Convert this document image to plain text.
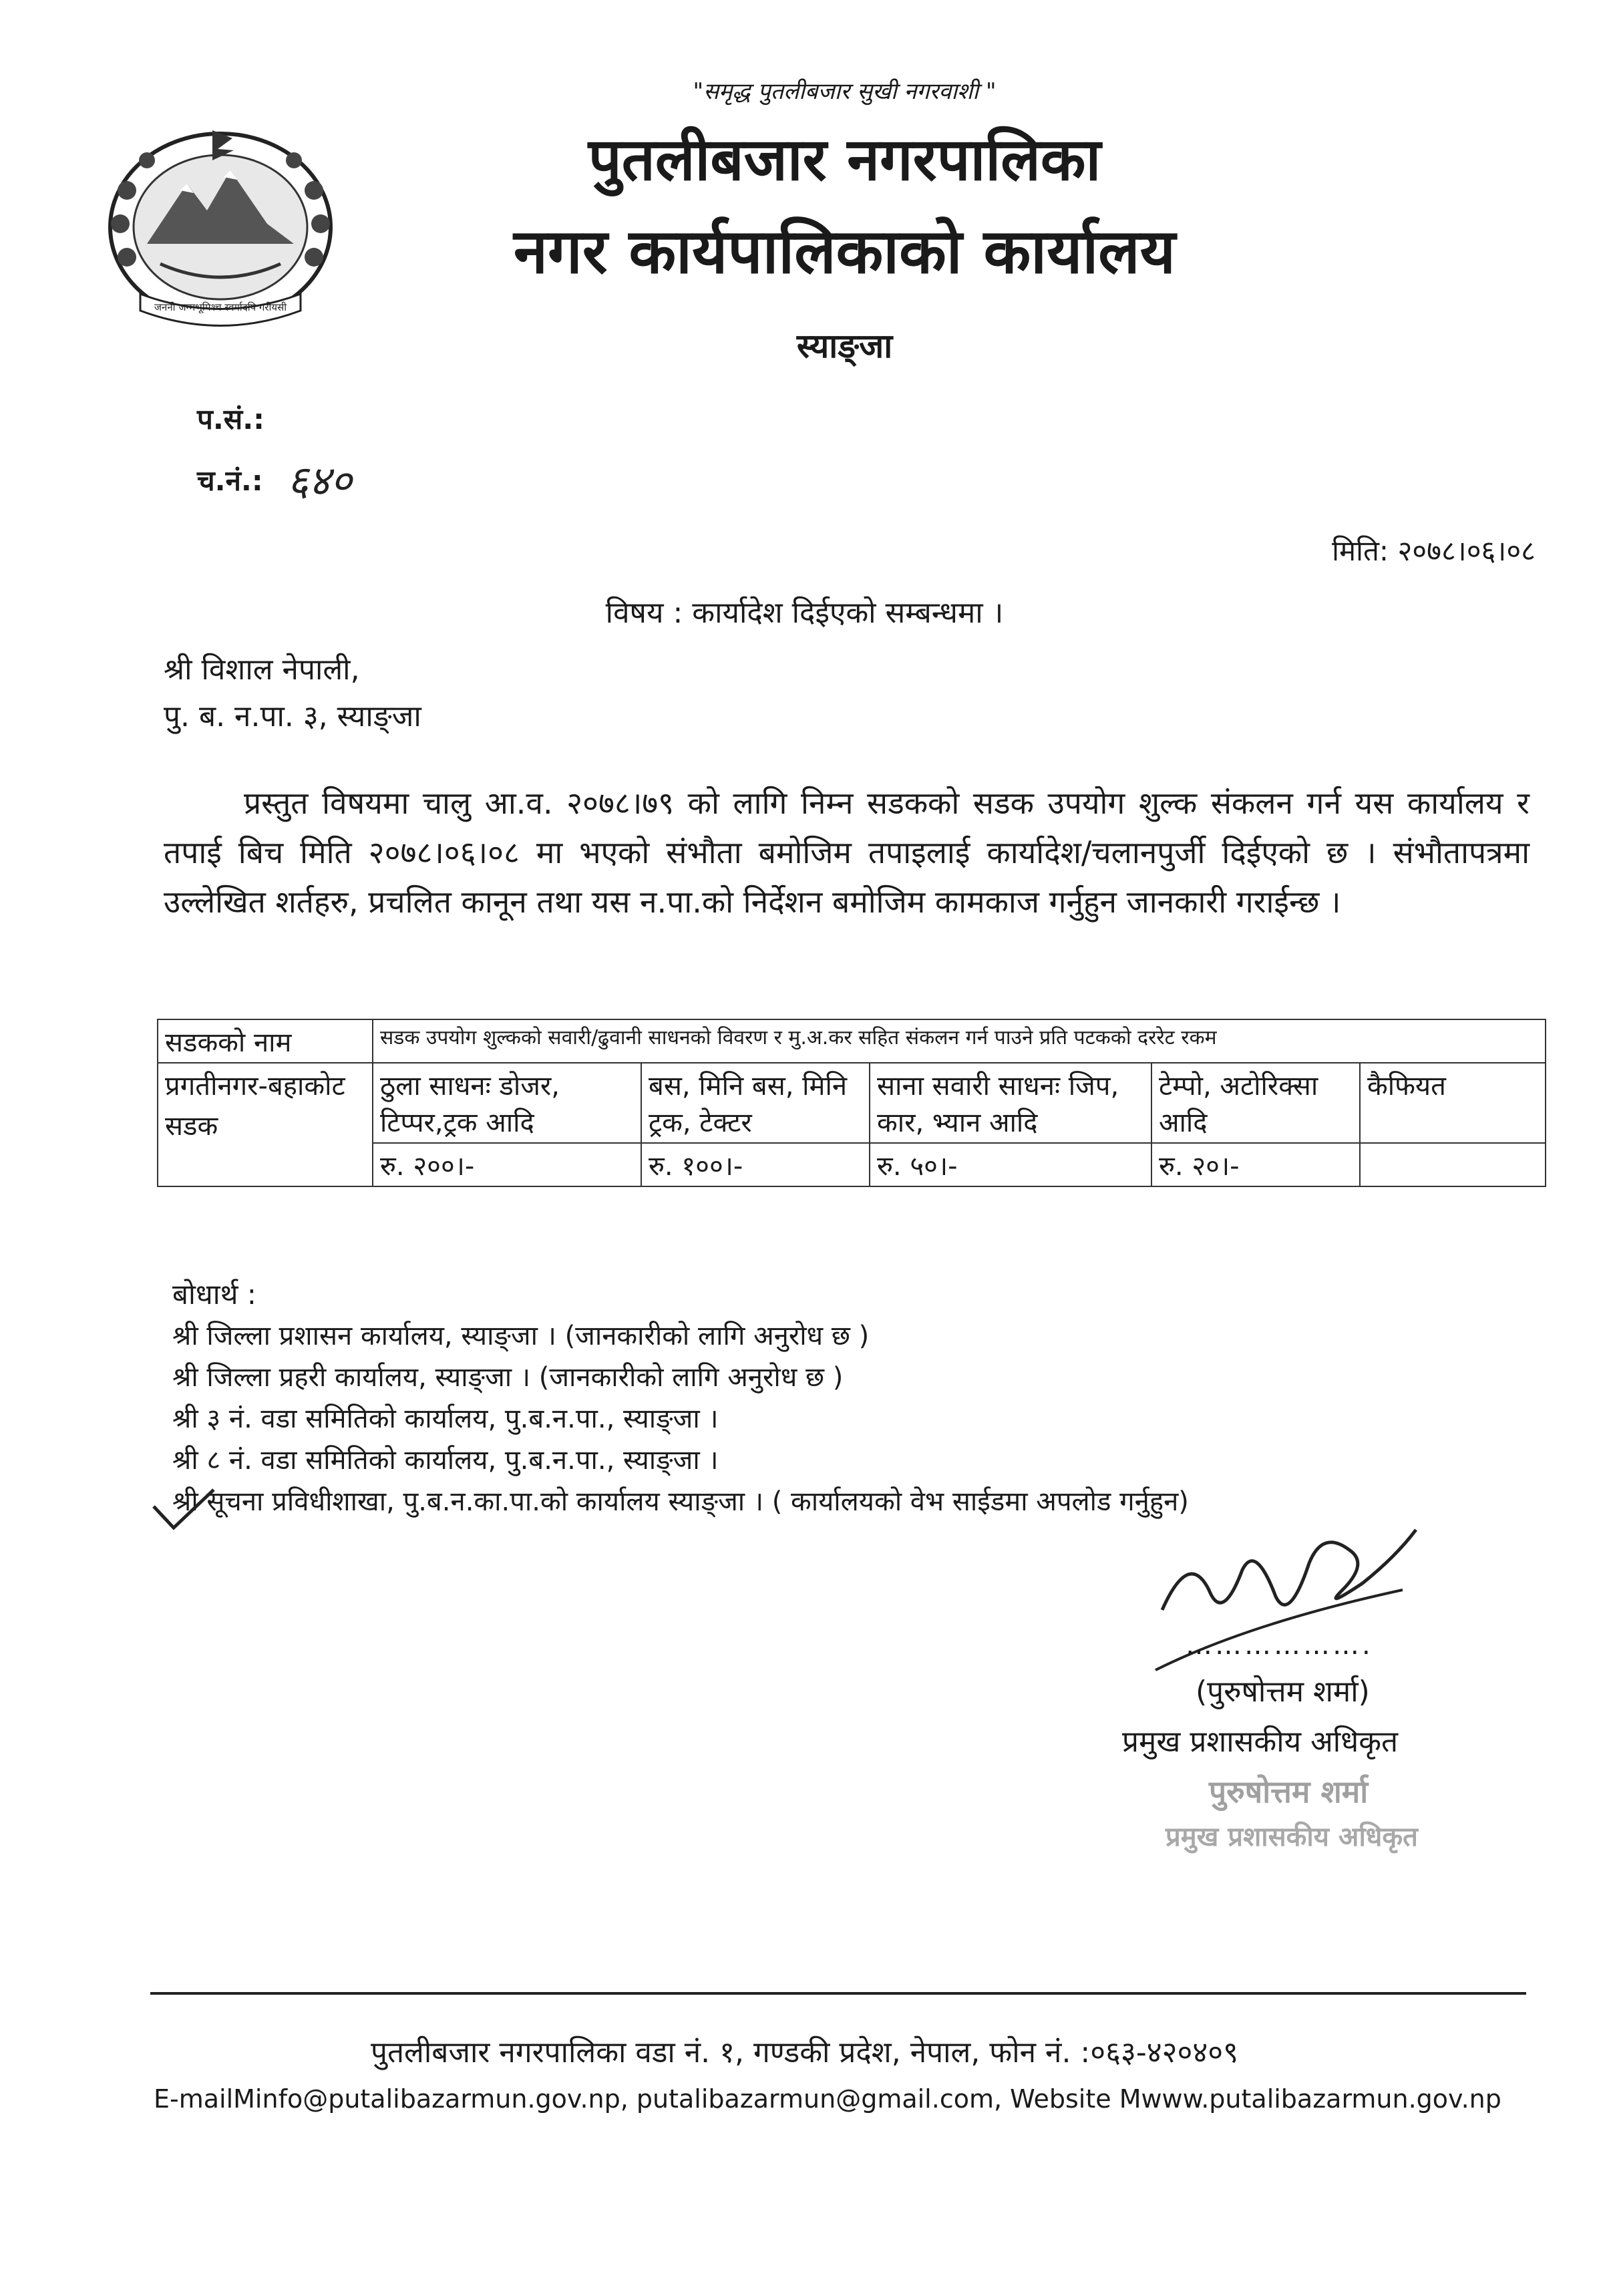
जननी जन्मभूमिश्च स्वर्गादपि गरीयसी
"समृद्ध पुतलीबजार सुखी नगरवाशी "
पुतलीबजार नगरपालिका
नगर कार्यपालिकाको कार्यालय
स्याङ्जा
प.सं.:
च.नं.: ६४०
मिति: २०७८।०६।०८
विषय : कार्यादेश दिईएको सम्बन्धमा ।
श्री विशाल नेपाली,
पु. ब. न.पा. ३, स्याङ्जा
प्रस्तुत विषयमा चालु आ.व. २०७८।७९ को लागि निम्न सडकको सडक उपयोग शुल्क संकलन गर्न यस कार्यालय र तपाई बिच मिति २०७८।०६।०८ मा भएको संभौता बमोजिम तपाइलाई कार्यादेश/चलानपुर्जी दिईएको छ । संभौतापत्रमा उल्लेखित शर्तहरु, प्रचलित कानून तथा यस न.पा.को निर्देशन बमोजिम कामकाज गर्नुहुन जानकारी गराईन्छ ।
सडकको नाम	सडक उपयोग शुल्कको सवारी/ढुवानी साधनको विवरण र मु.अ.कर सहित संकलन गर्न पाउने प्रति पटकको दररेट रकम				
प्रगतीनगर-बहाकोट सडक	ठुला साधनः डोजर, टिप्पर,ट्रक आदि	बस, मिनि बस, मिनि ट्रक, टेक्टर	साना सवारी साधनः जिप, कार, भ्यान आदि	टेम्पो, अटोरिक्सा आदि	कैफियत
	रु. २००।-	रु. १००।-	रु. ५०।-	रु. २०।-	
बोधार्थ :
श्री जिल्ला प्रशासन कार्यालय, स्याङ्जा । (जानकारीको लागि अनुरोध छ )
श्री जिल्ला प्रहरी कार्यालय, स्याङ्जा । (जानकारीको लागि अनुरोध छ )
श्री ३ नं. वडा समितिको कार्यालय, पु.ब.न.पा., स्याङ्जा ।
श्री ८ नं. वडा समितिको कार्यालय, पु.ब.न.पा., स्याङ्जा ।
श्री सूचना प्रविधीशाखा, पु.ब.न.का.पा.को कार्यालय स्याङ्जा । ( कार्यालयको वेभ साईडमा अपलोड गर्नुहुन)
……………….
(पुरुषोत्तम शर्मा)
प्रमुख प्रशासकीय अधिकृत
पुरुषोत्तम शर्मा
प्रमुख प्रशासकीय अधिकृत
पुतलीबजार नगरपालिका वडा नं. १, गण्डकी प्रदेश, नेपाल, फोन नं. :०६३-४२०४०९
E-mailMinfo@putalibazarmun.gov.np, putalibazarmun@gmail.com, Website Mwww.putalibazarmun.gov.np
